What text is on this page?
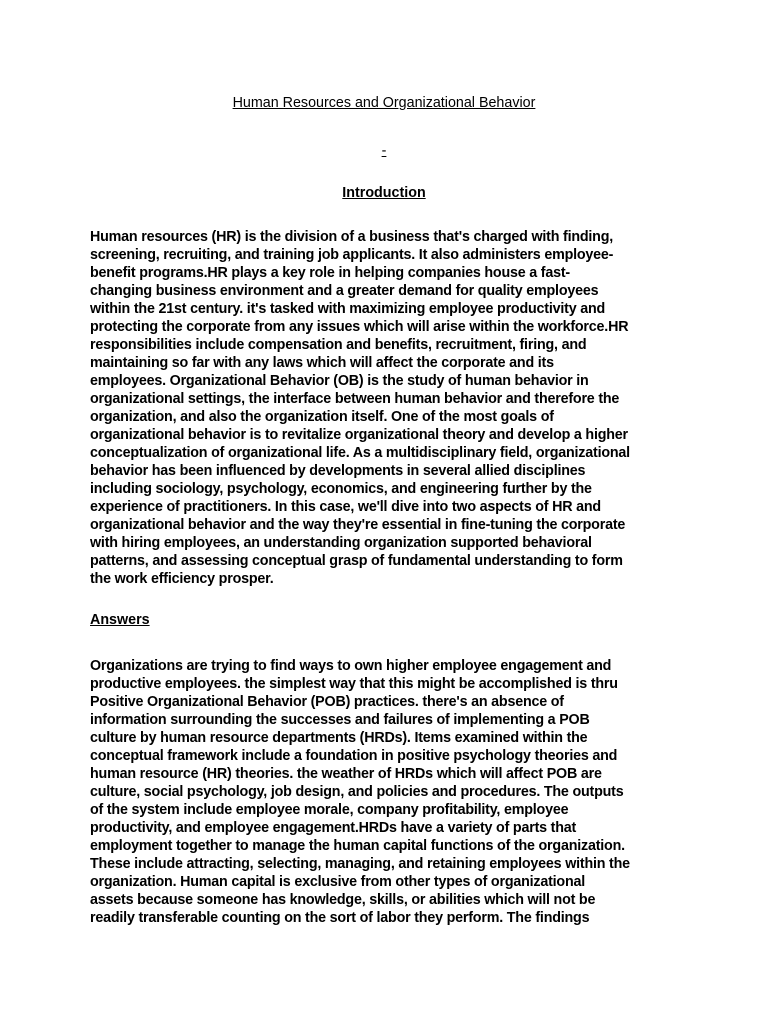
Human Resources and Organizational Behavior
-
Introduction

Human resources (HR) is the division of a business that's charged with finding,
screening, recruiting, and training job applicants. It also administers employee-
benefit programs.HR plays a key role in helping companies house a fast-
changing business environment and a greater demand for quality employees
within the 21st century. it's tasked with maximizing employee productivity and
protecting the corporate from any issues which will arise within the workforce.HR
responsibilities include compensation and benefits, recruitment, firing, and
maintaining so far with any laws which will affect the corporate and its
employees. Organizational Behavior (OB) is the study of human behavior in
organizational settings, the interface between human behavior and therefore the
organization, and also the organization itself. One of the most goals of
organizational behavior is to revitalize organizational theory and develop a higher
conceptualization of organizational life. As a multidisciplinary field, organizational
behavior has been influenced by developments in several allied disciplines
including sociology, psychology, economics, and engineering further by the
experience of practitioners. In this case, we'll dive into two aspects of HR and
organizational behavior and the way they're essential in fine-tuning the corporate
with hiring employees, an understanding organization supported behavioral
patterns, and assessing conceptual grasp of fundamental understanding to form
the work efficiency prosper.

Answers

Organizations are trying to find ways to own higher employee engagement and
productive employees. the simplest way that this might be accomplished is thru
Positive Organizational Behavior (POB) practices. there's an absence of
information surrounding the successes and failures of implementing a POB
culture by human resource departments (HRDs). Items examined within the
conceptual framework include a foundation in positive psychology theories and
human resource (HR) theories. the weather of HRDs which will affect POB are
culture, social psychology, job design, and policies and procedures. The outputs
of the system include employee morale, company profitability, employee
productivity, and employee engagement.HRDs have a variety of parts that
employment together to manage the human capital functions of the organization.
These include attracting, selecting, managing, and retaining employees within the
organization. Human capital is exclusive from other types of organizational
assets because someone has knowledge, skills, or abilities which will not be
readily transferable counting on the sort of labor they perform. The findings
